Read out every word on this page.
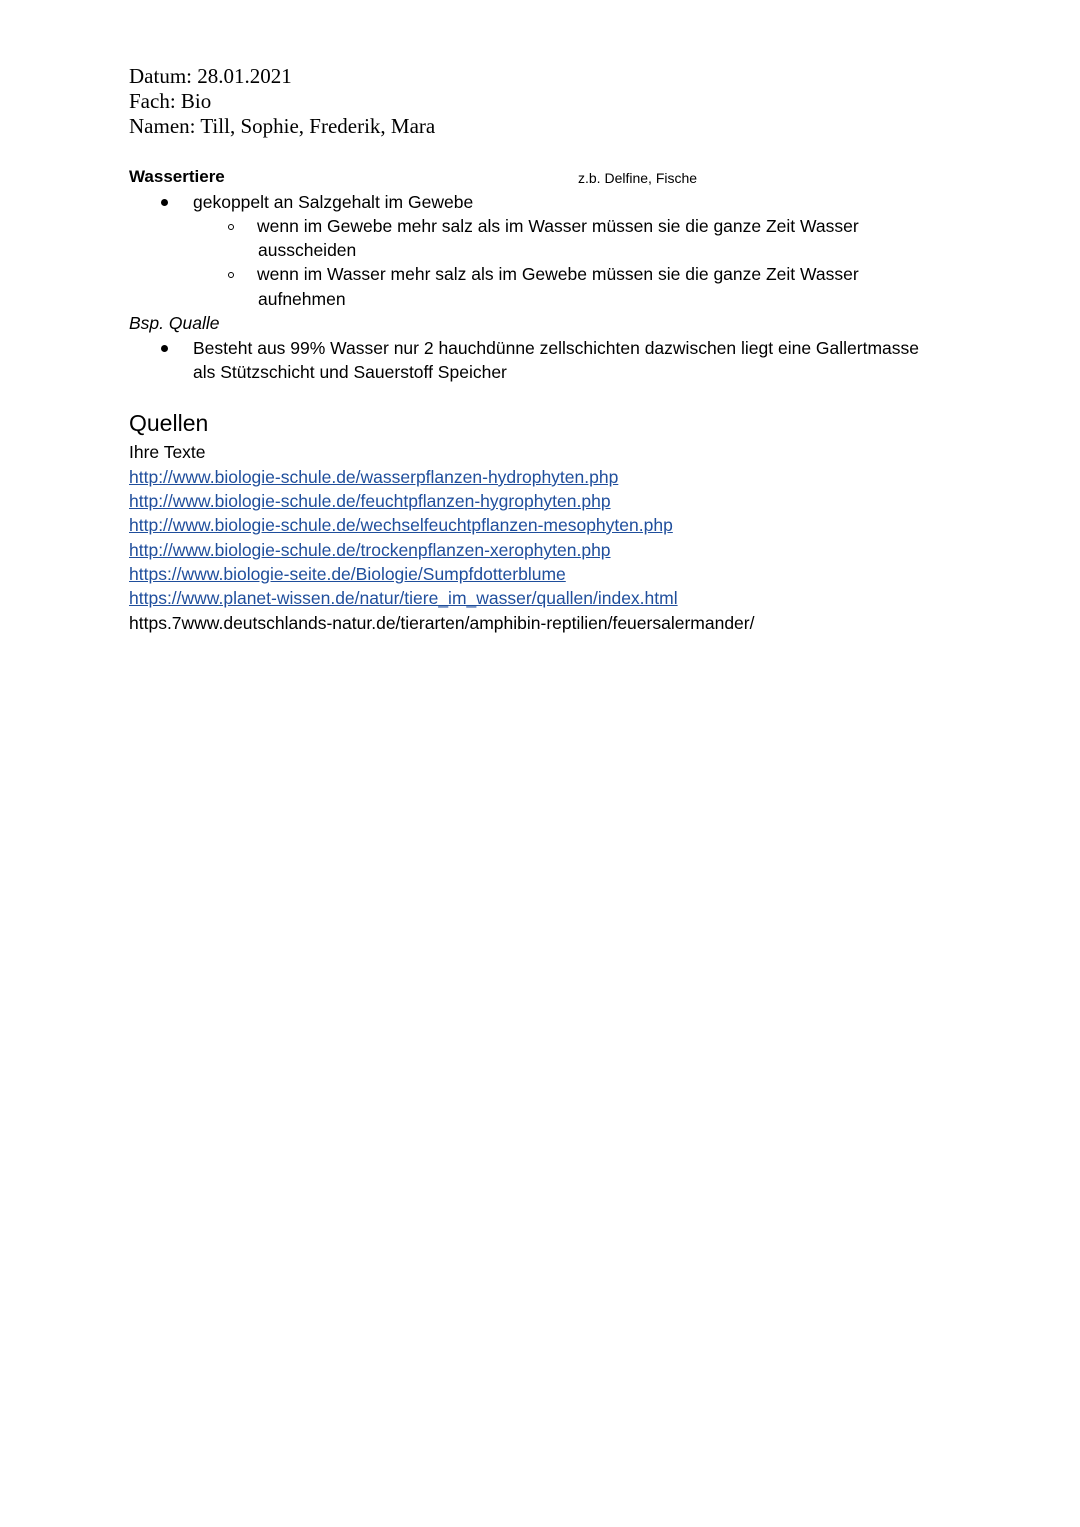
Datum: 28.01.2021
Fach: Bio
Namen: Till, Sophie, Frederik, Mara
Wassertiere	z.b. Delfine, Fische
gekoppelt an Salzgehalt im Gewebe
wenn im Gewebe mehr salz als im Wasser müssen sie die ganze Zeit Wasser
ausscheiden
wenn im Wasser mehr salz als im Gewebe müssen sie die ganze Zeit Wasser
aufnehmen
Bsp. Qualle
Besteht aus 99% Wasser nur 2 hauchdünne zellschichten dazwischen liegt eine Gallertmasse
als Stützschicht und Sauerstoff Speicher
Quellen
Ihre Texte
http://www.biologie-schule.de/wasserpflanzen-hydrophyten.php
http://www.biologie-schule.de/feuchtpflanzen-hygrophyten.php
http://www.biologie-schule.de/wechselfeuchtpflanzen-mesophyten.php
http://www.biologie-schule.de/trockenpflanzen-xerophyten.php
https://www.biologie-seite.de/Biologie/Sumpfdotterblume
https://www.planet-wissen.de/natur/tiere_im_wasser/quallen/index.html
https.7www.deutschlands-natur.de/tierarten/amphibin-reptilien/feuersalermander/
